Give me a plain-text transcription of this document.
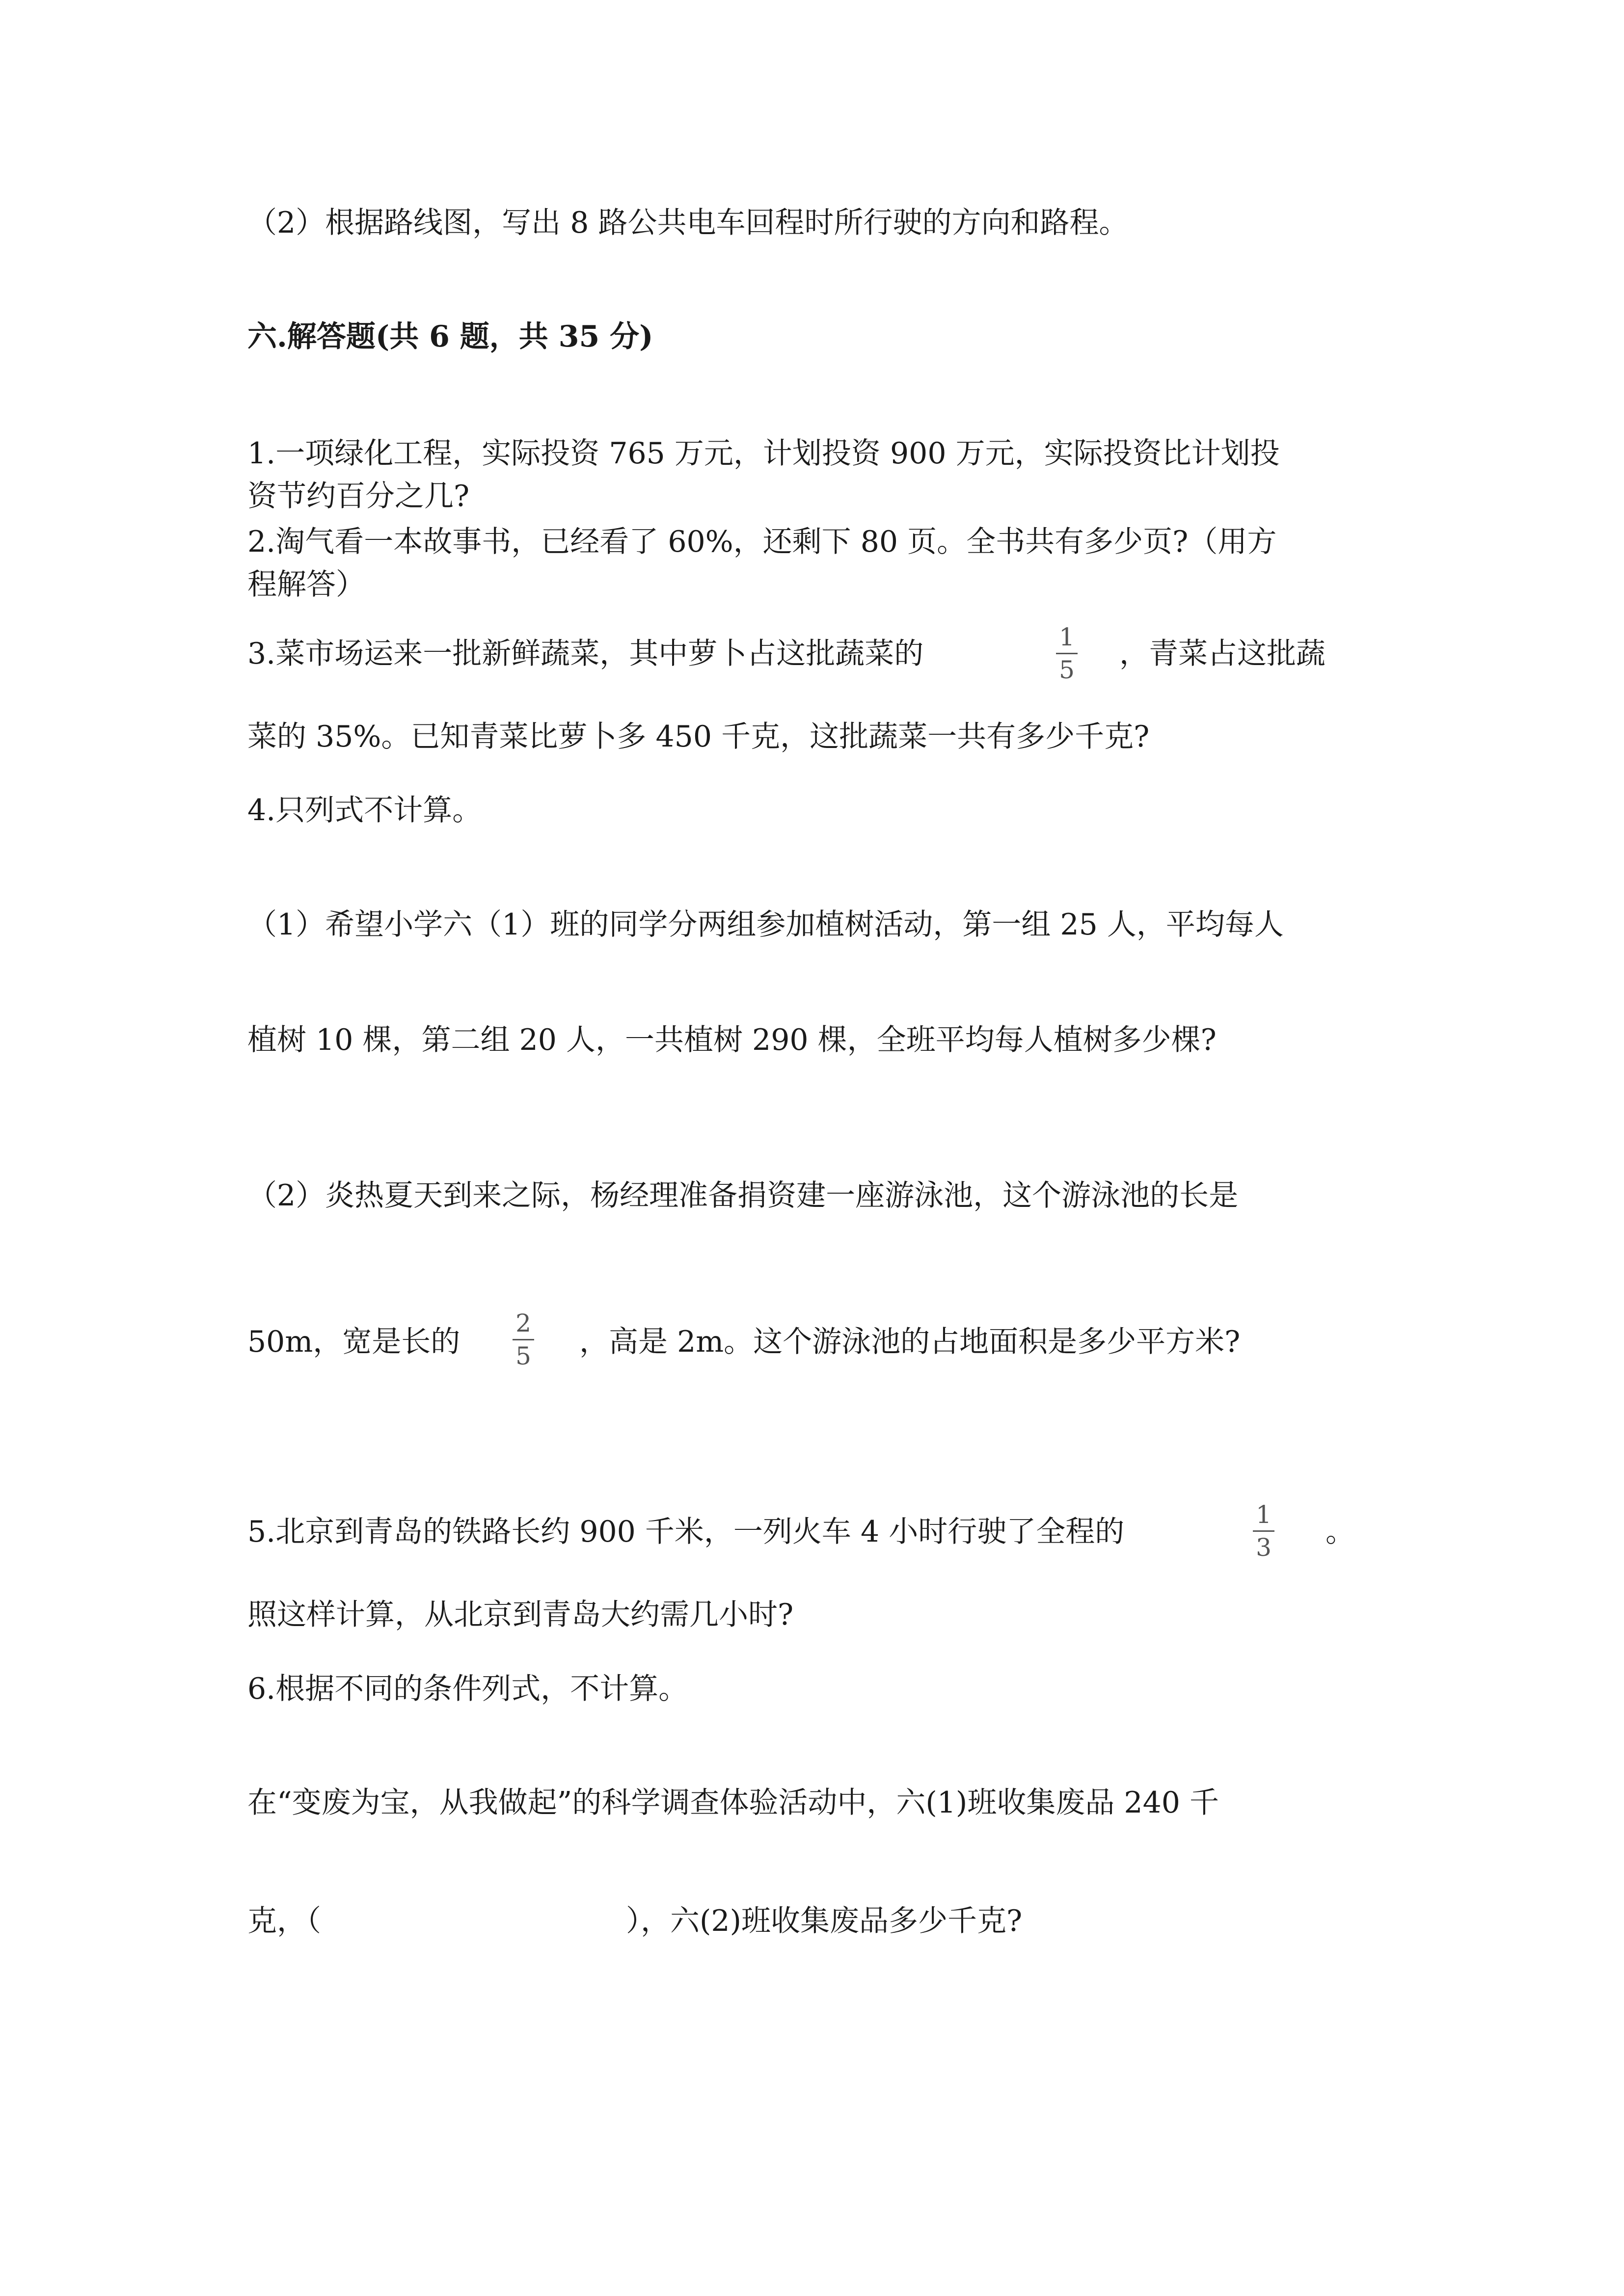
（2）根据路线图，写出 8 路公共电车回程时所行驶的方向和路程。
六.解答题(共 6 题，共 35 分)
1.一项绿化工程，实际投资 765 万元，计划投资 900 万元，实际投资比计划投
资节约百分之几?
2.淘气看一本故事书，已经看了 60%，还剩下 80 页。全书共有多少页?（用方
程解答）
3.菜市场运来一批新鲜蔬菜，其中萝卜占这批蔬菜的	1
5 ，青菜占这批蔬
菜的 35%。已知青菜比萝卜多 450 千克，这批蔬菜一共有多少千克?
4.只列式不计算。
（1）希望小学六（1）班的同学分两组参加植树活动，第一组 25 人，平均每人
植树 10 棵，第二组 20 人，一共植树 290 棵，全班平均每人植树多少棵?
（2）炎热夏天到来之际，杨经理准备捐资建一座游泳池，这个游泳池的长是
50m，宽是长的
2
5 ，高是 2m。这个游泳池的占地面积是多少平方米?
5.北京到青岛的铁路长约 900 千米，一列火车 4 小时行驶了全程的	1
3 。
照这样计算，从北京到青岛大约需几小时?
6.根据不同的条件列式，不计算。
在“变废为宝，从我做起”的科学调查体验活动中，六(1)班收集废品 240 千
克，（	），六(2)班收集废品多少千克?
